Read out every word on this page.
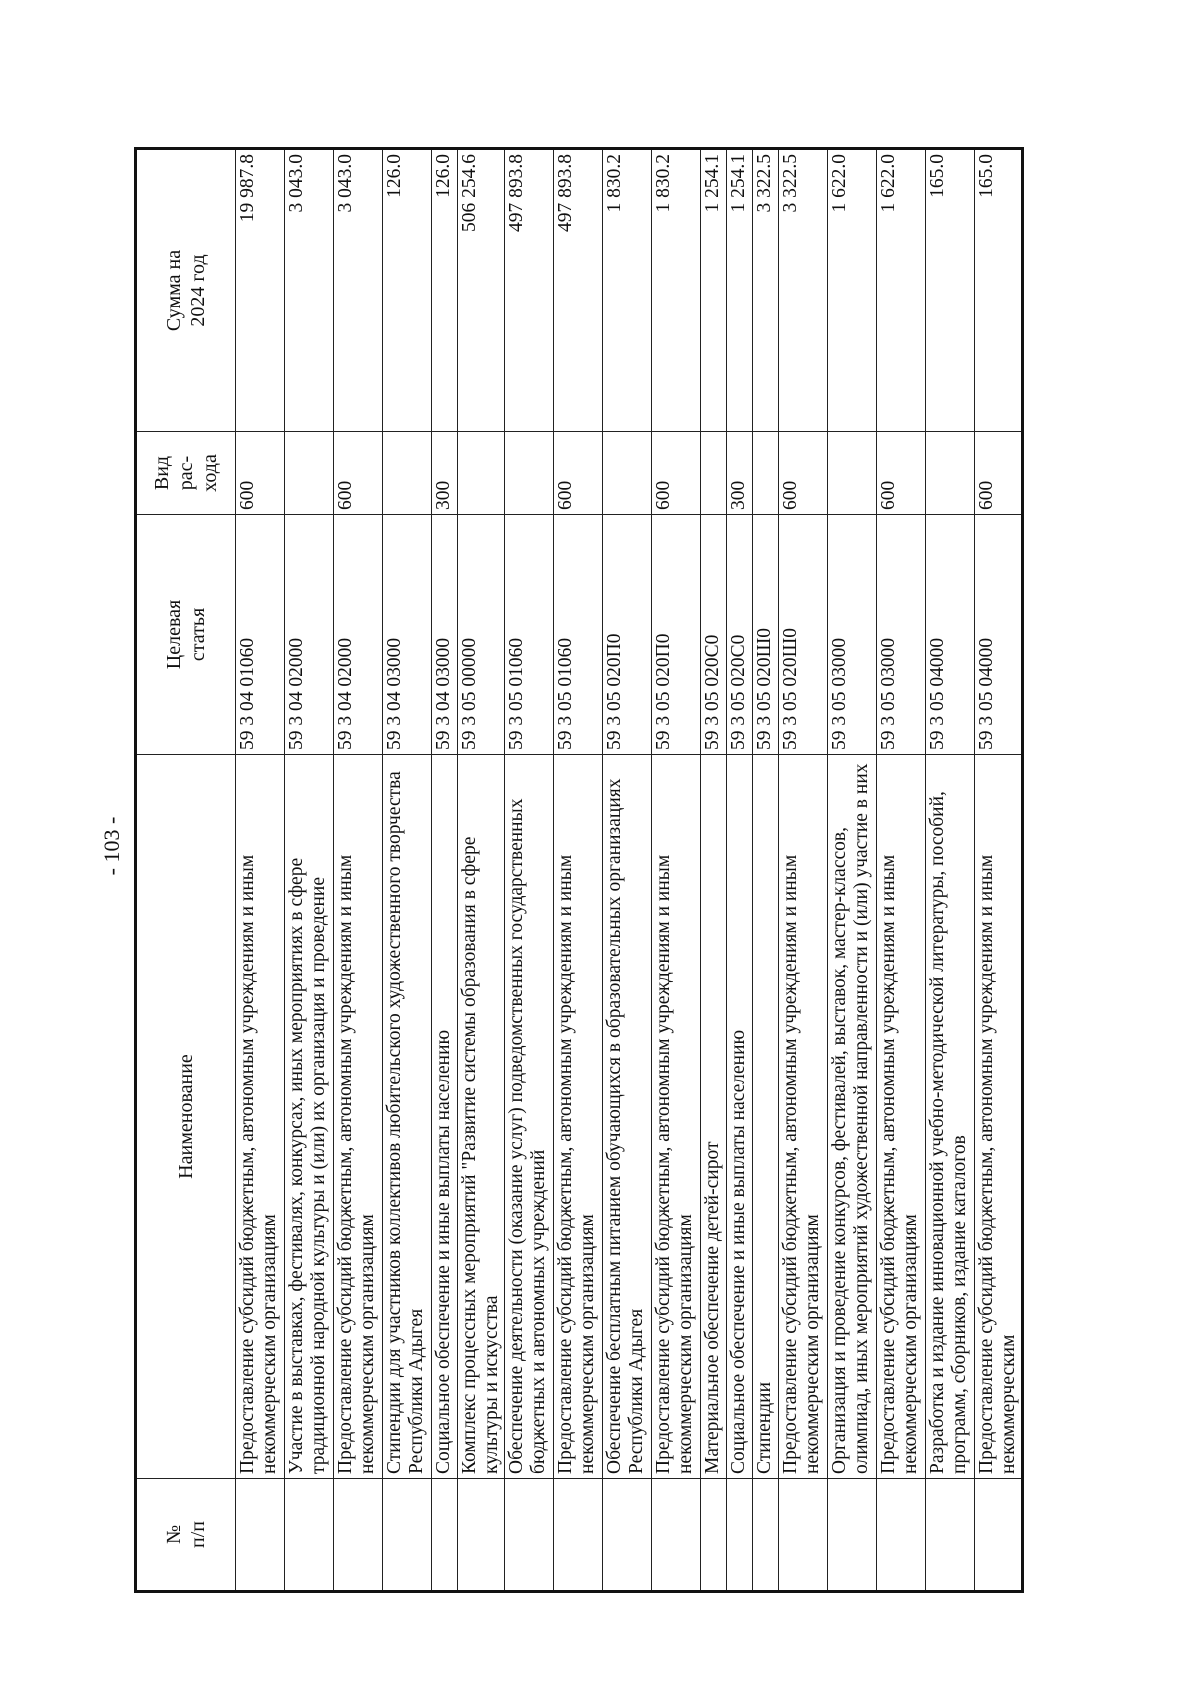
- 103 -
№ п/п	Наименование	Целевая статья	Вид рас- хода	Сумма на 2024 год
	Предоставление субсидий бюджетным, автономным учреждениям и иным некоммерческим организациям	59 3 04 01060	600	19 987.8
	Участие в выставках, фестивалях, конкурсах, иных мероприятиях в сфере традиционной народной культуры и (или) их организация и проведение	59 3 04 02000		3 043.0
	Предоставление субсидий бюджетным, автономным учреждениям и иным некоммерческим организациям	59 3 04 02000	600	3 043.0
	Стипендии для участников коллективов любительского художественного творчества Республики Адыгея	59 3 04 03000		126.0
	Социальное обеспечение и иные выплаты населению	59 3 04 03000	300	126.0
	Комплекс процессных мероприятий "Развитие системы образования в сфере культуры и искусства	59 3 05 00000		506 254.6
	Обеспечение деятельности (оказание услуг) подведомственных государственных бюджетных и автономных учреждений	59 3 05 01060		497 893.8
	Предоставление субсидий бюджетным, автономным учреждениям и иным некоммерческим организациям	59 3 05 01060	600	497 893.8
	Обеспечение бесплатным питанием обучающихся в образовательных организациях Республики Адыгея	59 3 05 020П0		1 830.2
	Предоставление субсидий бюджетным, автономным учреждениям и иным некоммерческим организациям	59 3 05 020П0	600	1 830.2
	Материальное обеспечение детей-сирот	59 3 05 020С0		1 254.1
	Социальное обеспечение и иные выплаты населению	59 3 05 020С0	300	1 254.1
	Стипендии	59 3 05 020Ш0		3 322.5
	Предоставление субсидий бюджетным, автономным учреждениям и иным некоммерческим организациям	59 3 05 020Ш0	600	3 322.5
	Организация и проведение конкурсов, фестивалей, выставок, мастер-классов, олимпиад, иных мероприятий художественной направленности и (или) участие в них	59 3 05 03000		1 622.0
	Предоставление субсидий бюджетным, автономным учреждениям и иным некоммерческим организациям	59 3 05 03000	600	1 622.0
	Разработка и издание инновационной учебно-методической литературы, пособий, программ, сборников, издание каталогов	59 3 05 04000		165.0
	Предоставление субсидий бюджетным, автономным учреждениям и иным некоммерческим	59 3 05 04000	600	165.0
